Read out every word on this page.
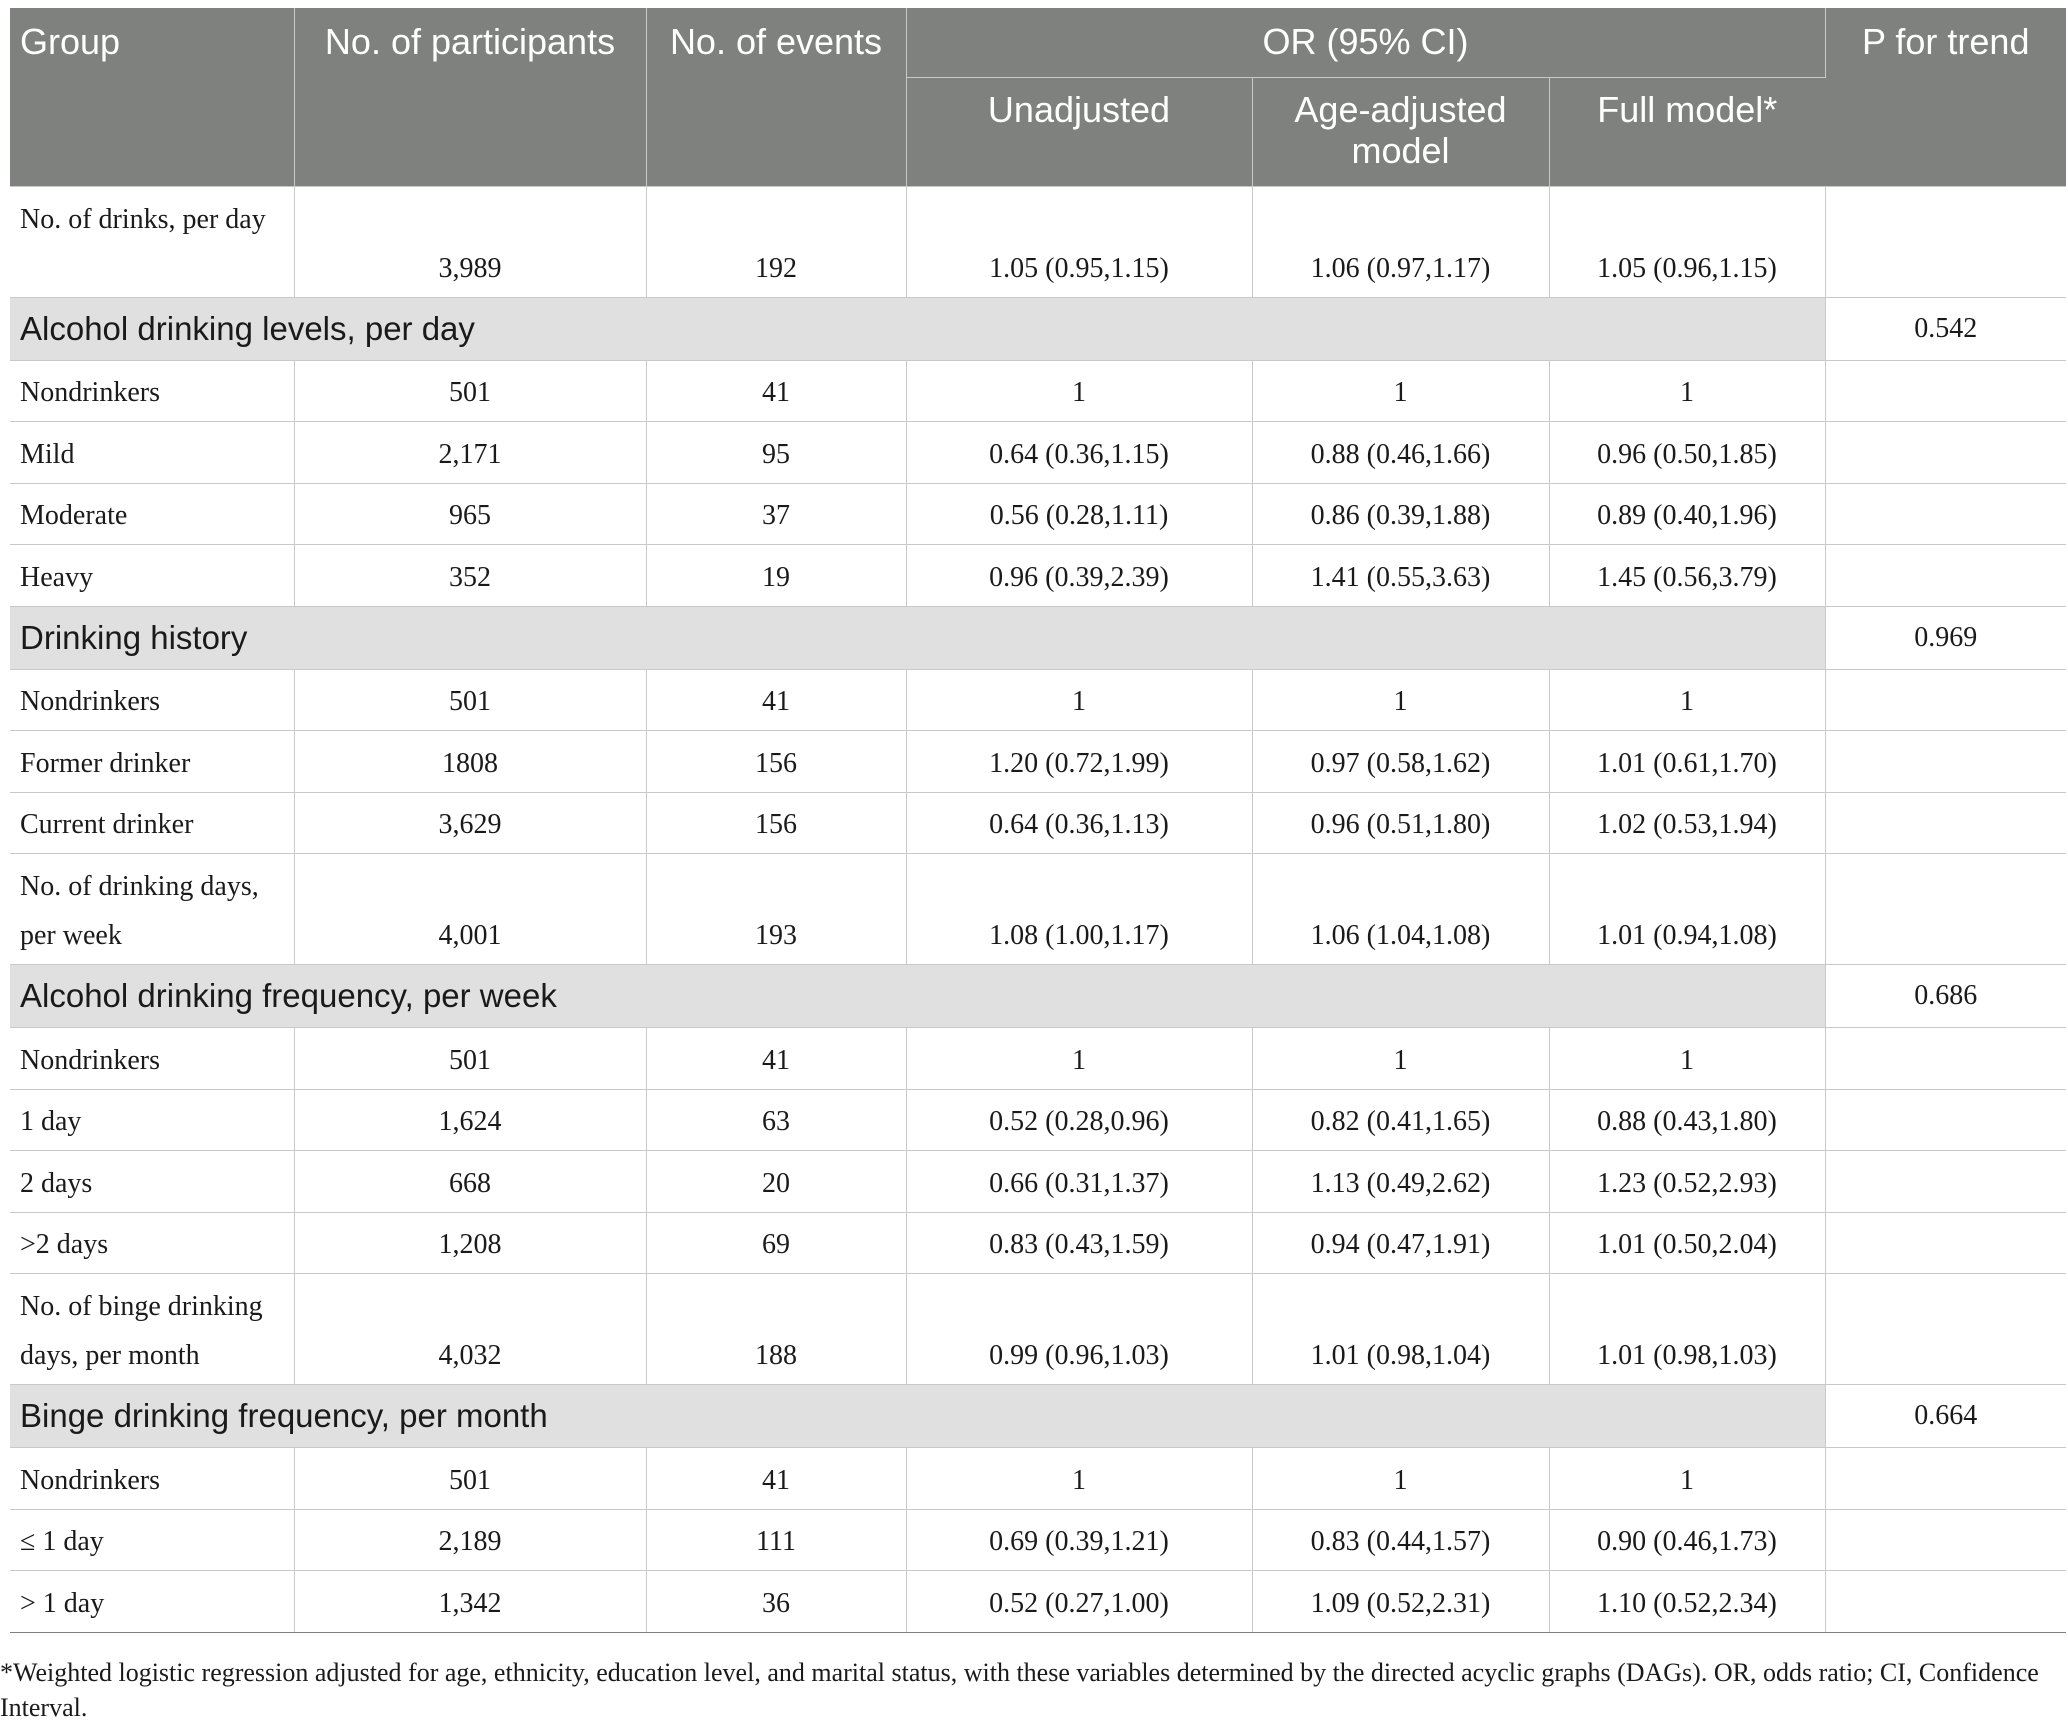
Group	No. of participants	No. of events	OR (95% CI)			P for trend
			Unadjusted	Age-adjusted model	Full model*	
No. of drinks, per day	3,989	192	1.05 (0.95,1.15)	1.06 (0.97,1.17)	1.05 (0.96,1.15)	
Alcohol drinking levels, per day						0.542
Nondrinkers	501	41	1	1	1	
Mild	2,171	95	0.64 (0.36,1.15)	0.88 (0.46,1.66)	0.96 (0.50,1.85)	
Moderate	965	37	0.56 (0.28,1.11)	0.86 (0.39,1.88)	0.89 (0.40,1.96)	
Heavy	352	19	0.96 (0.39,2.39)	1.41 (0.55,3.63)	1.45 (0.56,3.79)	
Drinking history						0.969
Nondrinkers	501	41	1	1	1	
Former drinker	1808	156	1.20 (0.72,1.99)	0.97 (0.58,1.62)	1.01 (0.61,1.70)	
Current drinker	3,629	156	0.64 (0.36,1.13)	0.96 (0.51,1.80)	1.02 (0.53,1.94)	
No. of drinking days, per week	4,001	193	1.08 (1.00,1.17)	1.06 (1.04,1.08)	1.01 (0.94,1.08)	
Alcohol drinking frequency, per week						0.686
Nondrinkers	501	41	1	1	1	
1 day	1,624	63	0.52 (0.28,0.96)	0.82 (0.41,1.65)	0.88 (0.43,1.80)	
2 days	668	20	0.66 (0.31,1.37)	1.13 (0.49,2.62)	1.23 (0.52,2.93)	
>2 days	1,208	69	0.83 (0.43,1.59)	0.94 (0.47,1.91)	1.01 (0.50,2.04)	
No. of binge drinking days, per month	4,032	188	0.99 (0.96,1.03)	1.01 (0.98,1.04)	1.01 (0.98,1.03)	
Binge drinking frequency, per month						0.664
Nondrinkers	501	41	1	1	1	
≤ 1 day	2,189	111	0.69 (0.39,1.21)	0.83 (0.44,1.57)	0.90 (0.46,1.73)	
> 1 day	1,342	36	0.52 (0.27,1.00)	1.09 (0.52,2.31)	1.10 (0.52,2.34)	
*Weighted logistic regression adjusted for age, ethnicity, education level, and marital status, with these variables determined by the directed acyclic graphs (DAGs). OR, odds ratio; CI, Confidence Interval.
